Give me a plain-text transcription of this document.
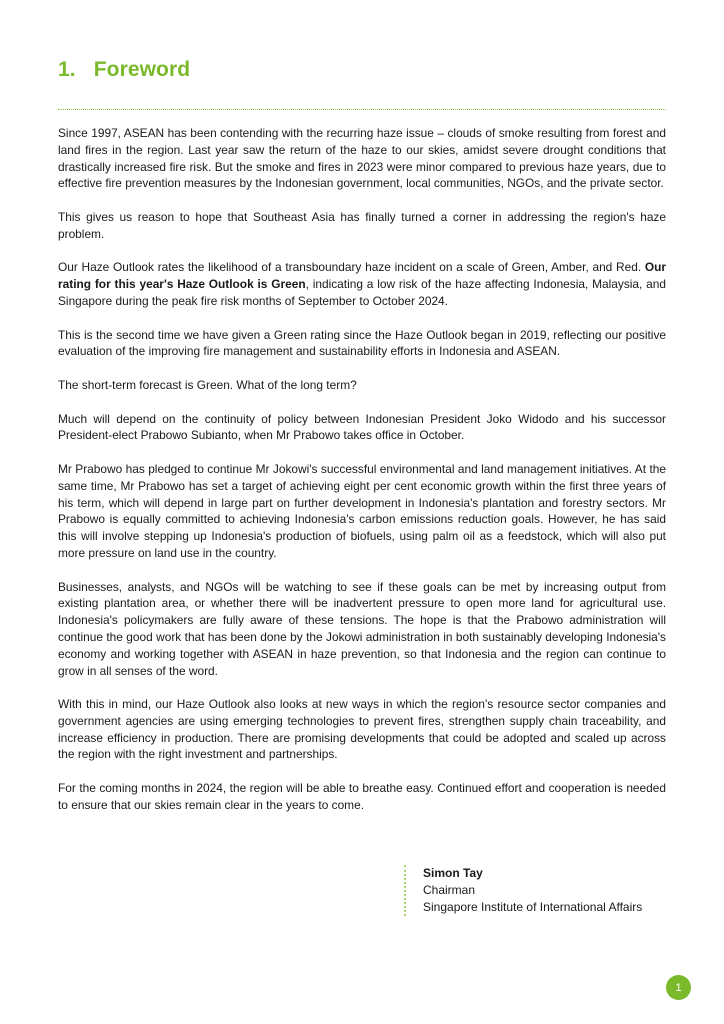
1. Foreword

Since 1997, ASEAN has been contending with the recurring haze issue – clouds of smoke resulting from forest and land fires in the region. Last year saw the return of the haze to our skies, amidst severe drought conditions that drastically increased fire risk. But the smoke and fires in 2023 were minor compared to previous haze years, due to effective fire prevention measures by the Indonesian government, local communities, NGOs, and the private sector.

This gives us reason to hope that Southeast Asia has finally turned a corner in addressing the region's haze problem.

Our Haze Outlook rates the likelihood of a transboundary haze incident on a scale of Green, Amber, and Red. Our rating for this year's Haze Outlook is Green, indicating a low risk of the haze affecting Indonesia, Malaysia, and Singapore during the peak fire risk months of September to October 2024.

This is the second time we have given a Green rating since the Haze Outlook began in 2019, reflecting our positive evaluation of the improving fire management and sustainability efforts in Indonesia and ASEAN.

The short-term forecast is Green. What of the long term?

Much will depend on the continuity of policy between Indonesian President Joko Widodo and his successor President-elect Prabowo Subianto, when Mr Prabowo takes office in October.

Mr Prabowo has pledged to continue Mr Jokowi's successful environmental and land management initiatives. At the same time, Mr Prabowo has set a target of achieving eight per cent economic growth within the first three years of his term, which will depend in large part on further development in Indonesia's plantation and forestry sectors. Mr Prabowo is equally committed to achieving Indonesia's carbon emissions reduction goals. However, he has said this will involve stepping up Indonesia's production of biofuels, using palm oil as a feedstock, which will also put more pressure on land use in the country.

Businesses, analysts, and NGOs will be watching to see if these goals can be met by increasing output from existing plantation area, or whether there will be inadvertent pressure to open more land for agricultural use. Indonesia's policymakers are fully aware of these tensions. The hope is that the Prabowo administration will continue the good work that has been done by the Jokowi administration in both sustainably developing Indonesia's economy and working together with ASEAN in haze prevention, so that Indonesia and the region can continue to grow in all senses of the word.

With this in mind, our Haze Outlook also looks at new ways in which the region's resource sector companies and government agencies are using emerging technologies to prevent fires, strengthen supply chain traceability, and increase efficiency in production. There are promising developments that could be adopted and scaled up across the region with the right investment and partnerships.

For the coming months in 2024, the region will be able to breathe easy. Continued effort and cooperation is needed to ensure that our skies remain clear in the years to come.

Simon Tay
Chairman
Singapore Institute of International Affairs
1
